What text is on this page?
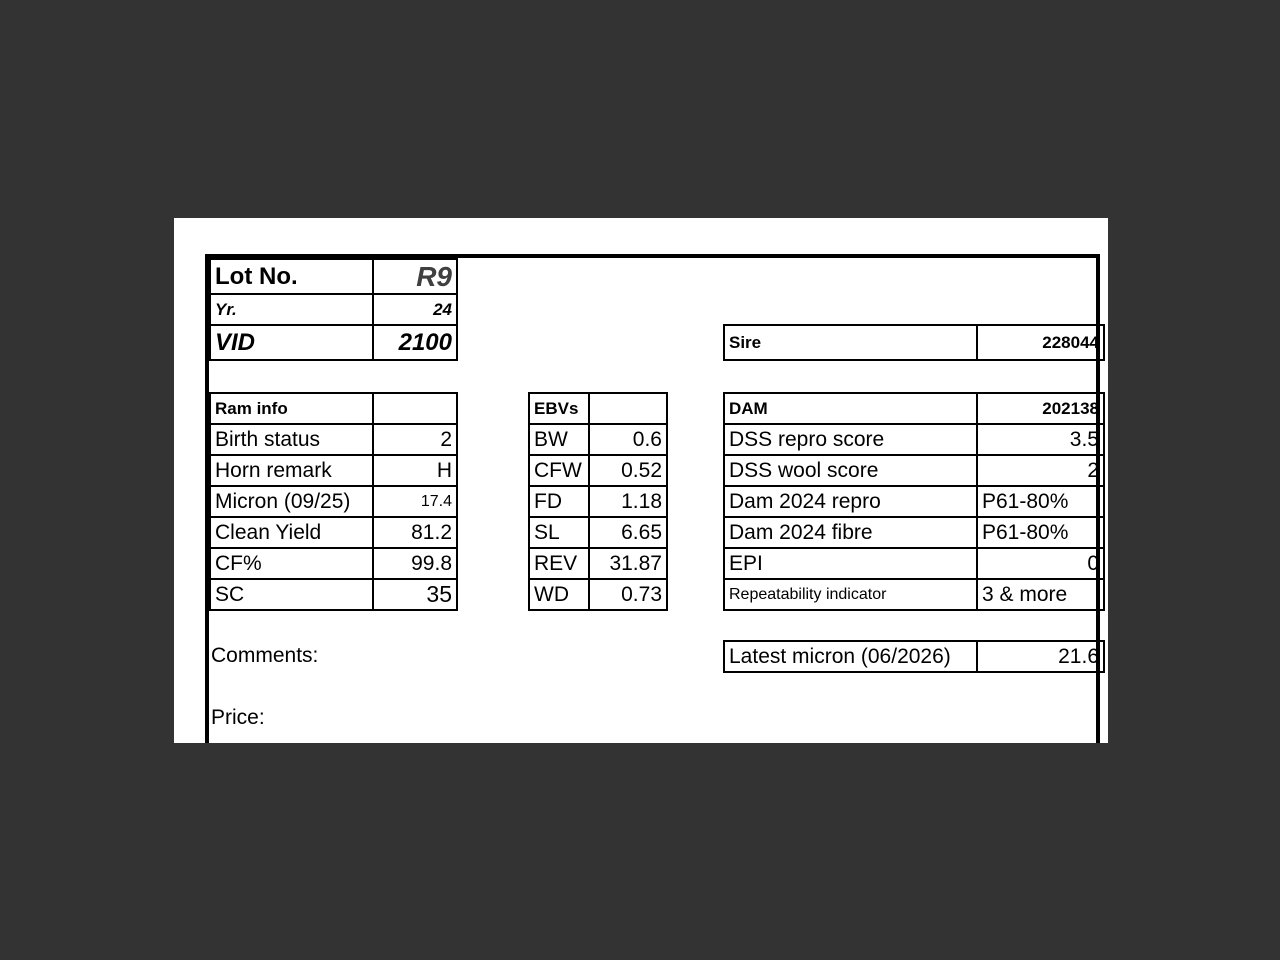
Lot No.	R9
Yr.	24
VID	2100	Sire	228044
Ram info
Birth status	2
Horn remark	H
Micron (09/25)	17.4
Clean Yield	81.2
CF%	99.8
SC	35
EBVs
BW	0.6
CFW	0.52
FD	1.18
SL	6.65
REV	31.87
WD	0.73
DAM	202138
DSS repro score	3.5
DSS wool score	2
Dam 2024 repro	P61-80%
Dam 2024 fibre	P61-80%
EPI	0
Repeatability indicator	3 & more
Latest micron (06/2026)	21.6
Comments:
Price:
